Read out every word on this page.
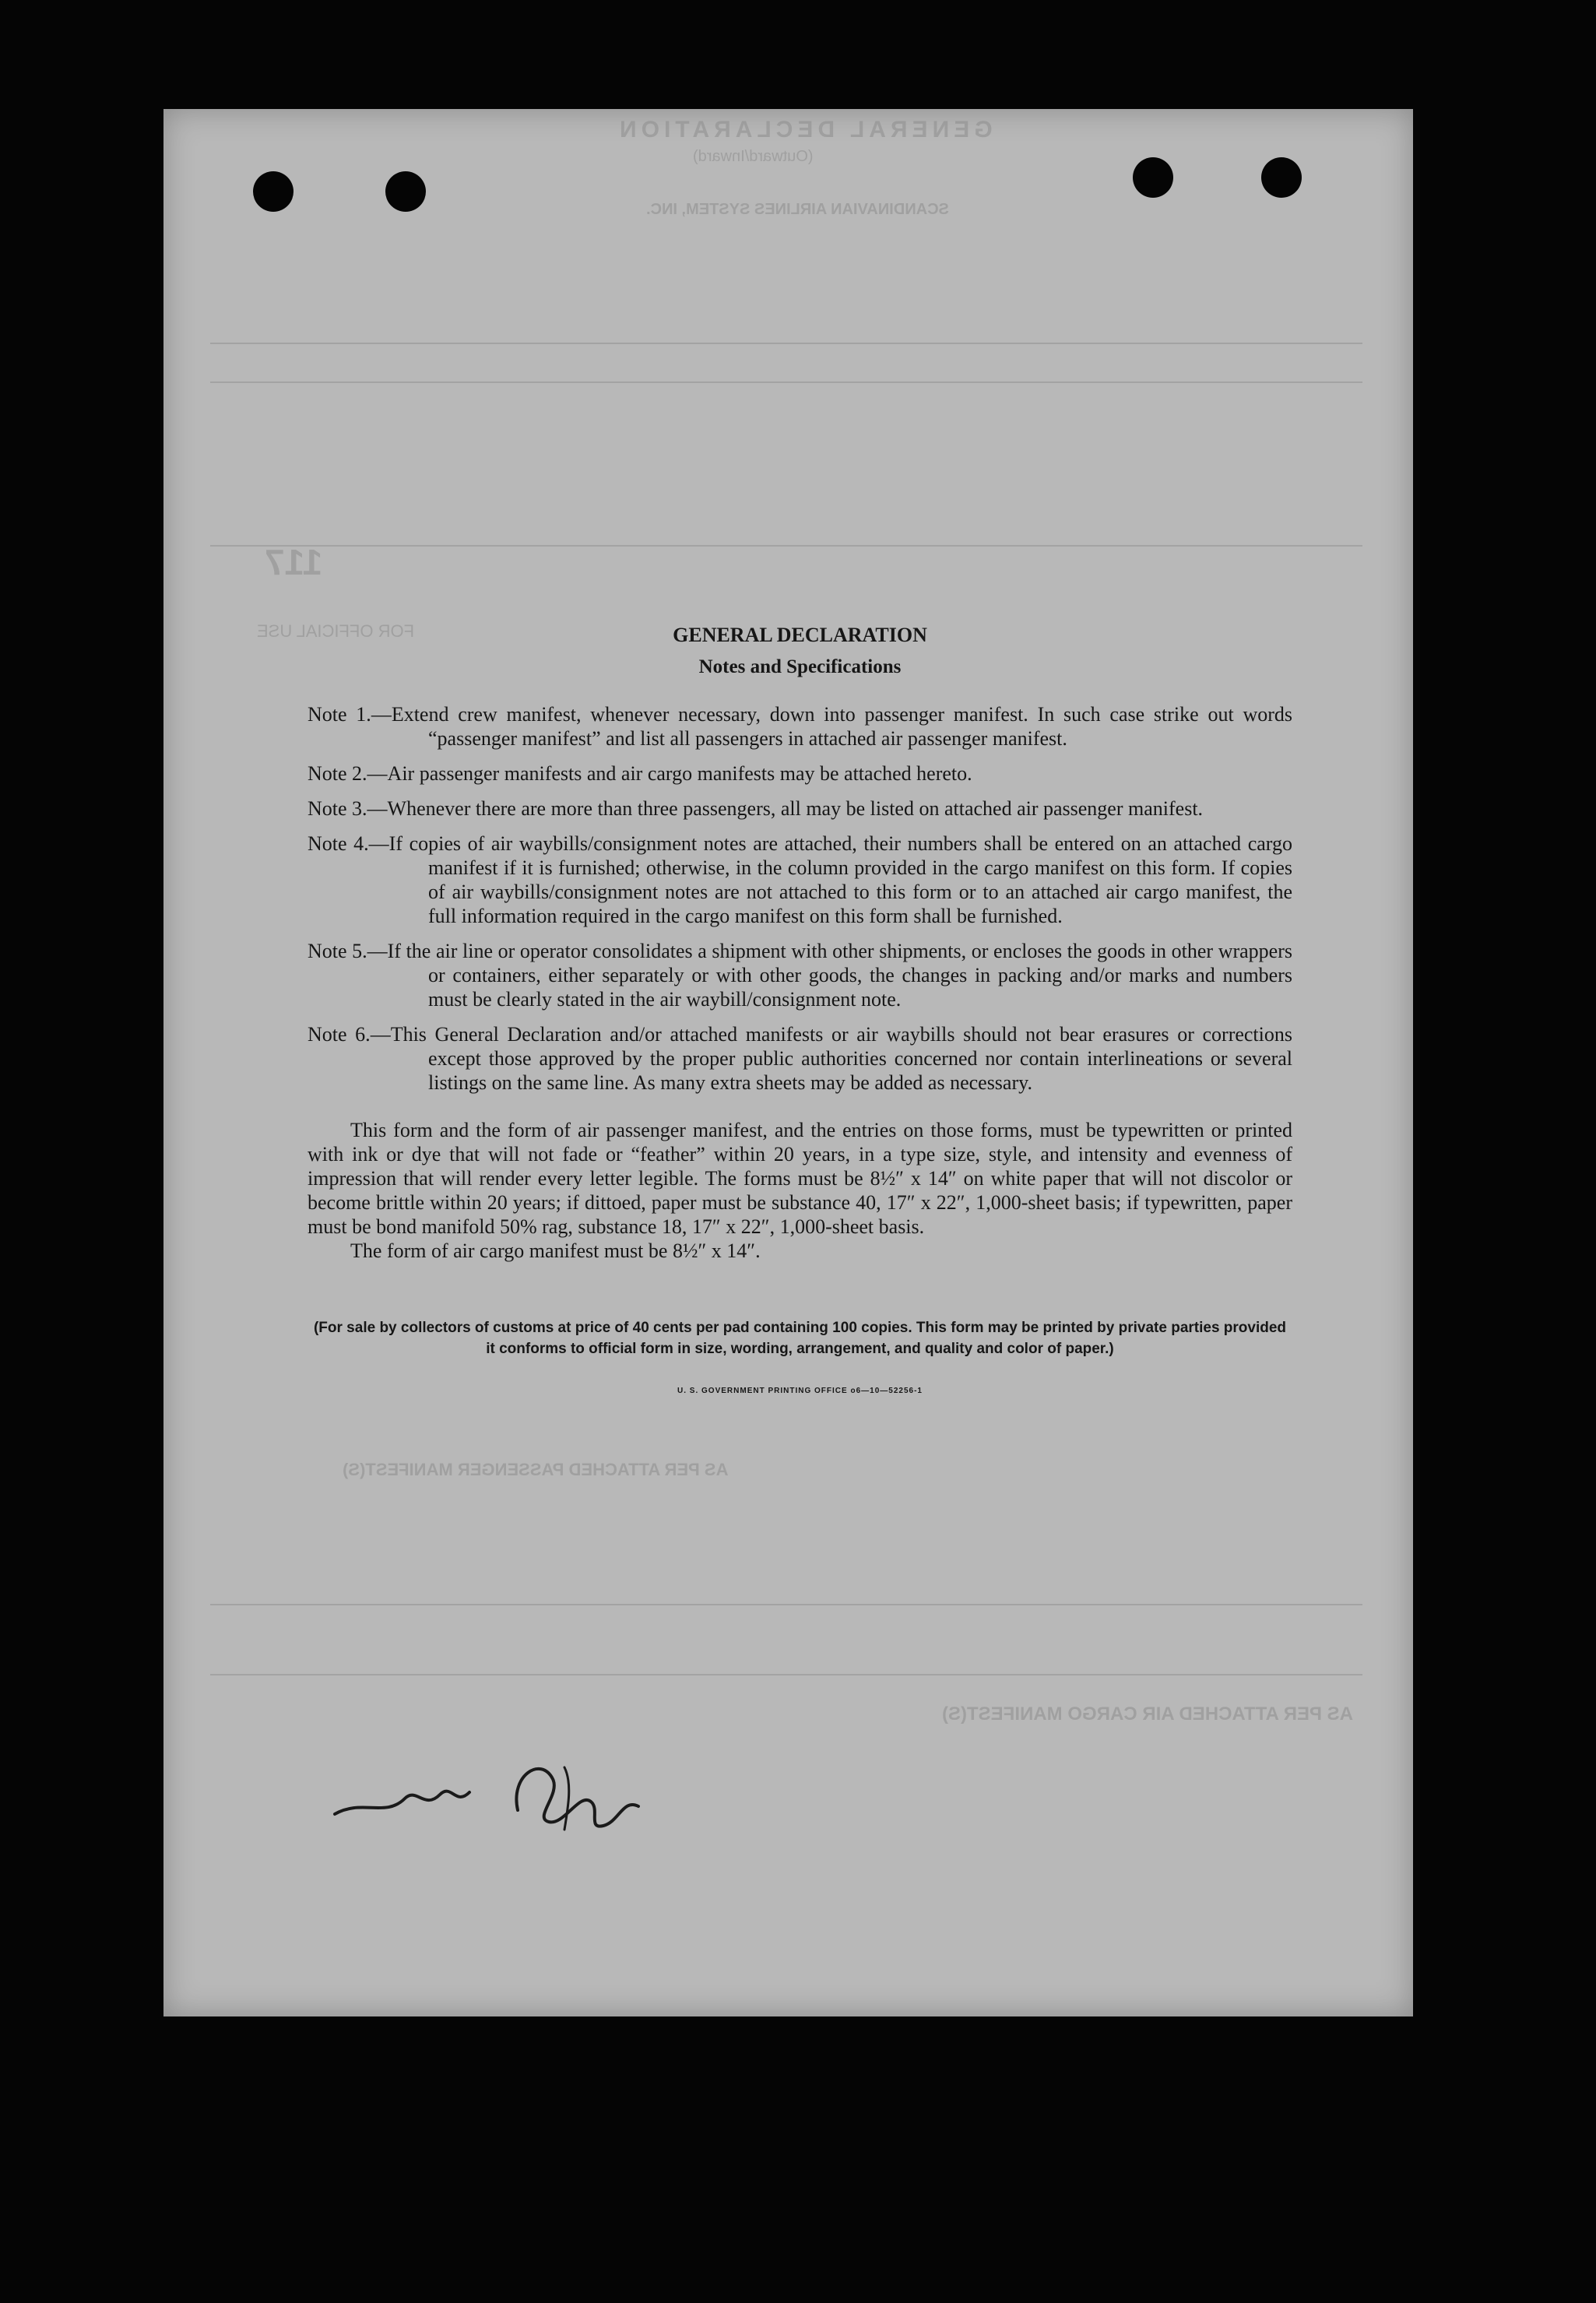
GENERAL DECLARATION
(Outward/Inward)
SCANDINAVIAN AIRLINES SYSTEM, INC.
117
FOR OFFICIAL USE
AS PER ATTACHED PASSENGER MANIFEST(S)
AS PER ATTACHED AIR CARGO MANIFEST(S)

GENERAL DECLARATION

Notes and Specifications

Note 1.—Extend crew manifest, whenever necessary, down into passenger manifest. In such case strike out words “passenger manifest” and list all passengers in attached air passenger manifest.
Note 2.—Air passenger manifests and air cargo manifests may be attached hereto.
Note 3.—Whenever there are more than three passengers, all may be listed on attached air passenger manifest.
Note 4.—If copies of air waybills/consignment notes are attached, their numbers shall be entered on an attached cargo manifest if it is furnished; otherwise, in the column provided in the cargo manifest on this form. If copies of air waybills/consignment notes are not attached to this form or to an attached air cargo manifest, the full information required in the cargo manifest on this form shall be furnished.
Note 5.—If the air line or operator consolidates a shipment with other shipments, or encloses the goods in other wrappers or containers, either separately or with other goods, the changes in packing and/or marks and numbers must be clearly stated in the air waybill/consignment note.
Note 6.—This General Declaration and/or attached manifests or air waybills should not bear erasures or corrections except those approved by the proper public authorities concerned nor contain interlineations or several listings on the same line. As many extra sheets may be added as necessary.

This form and the form of air passenger manifest, and the entries on those forms, must be typewritten or printed with ink or dye that will not fade or “feather” within 20 years, in a type size, style, and intensity and evenness of impression that will render every letter legible. The forms must be 8½″ x 14″ on white paper that will not discolor or become brittle within 20 years; if dittoed, paper must be substance 40, 17″ x 22″, 1,000-sheet basis; if typewritten, paper must be bond manifold 50% rag, substance 18, 17″ x 22″, 1,000-sheet basis.

The form of air cargo manifest must be 8½″ x 14″.

(For sale by collectors of customs at price of 40 cents per pad containing 100 copies. This form may be printed by private parties provided it conforms to official form in size, wording, arrangement, and quality and color of paper.)

U. S. GOVERNMENT PRINTING OFFICE o6—10—52256-1
